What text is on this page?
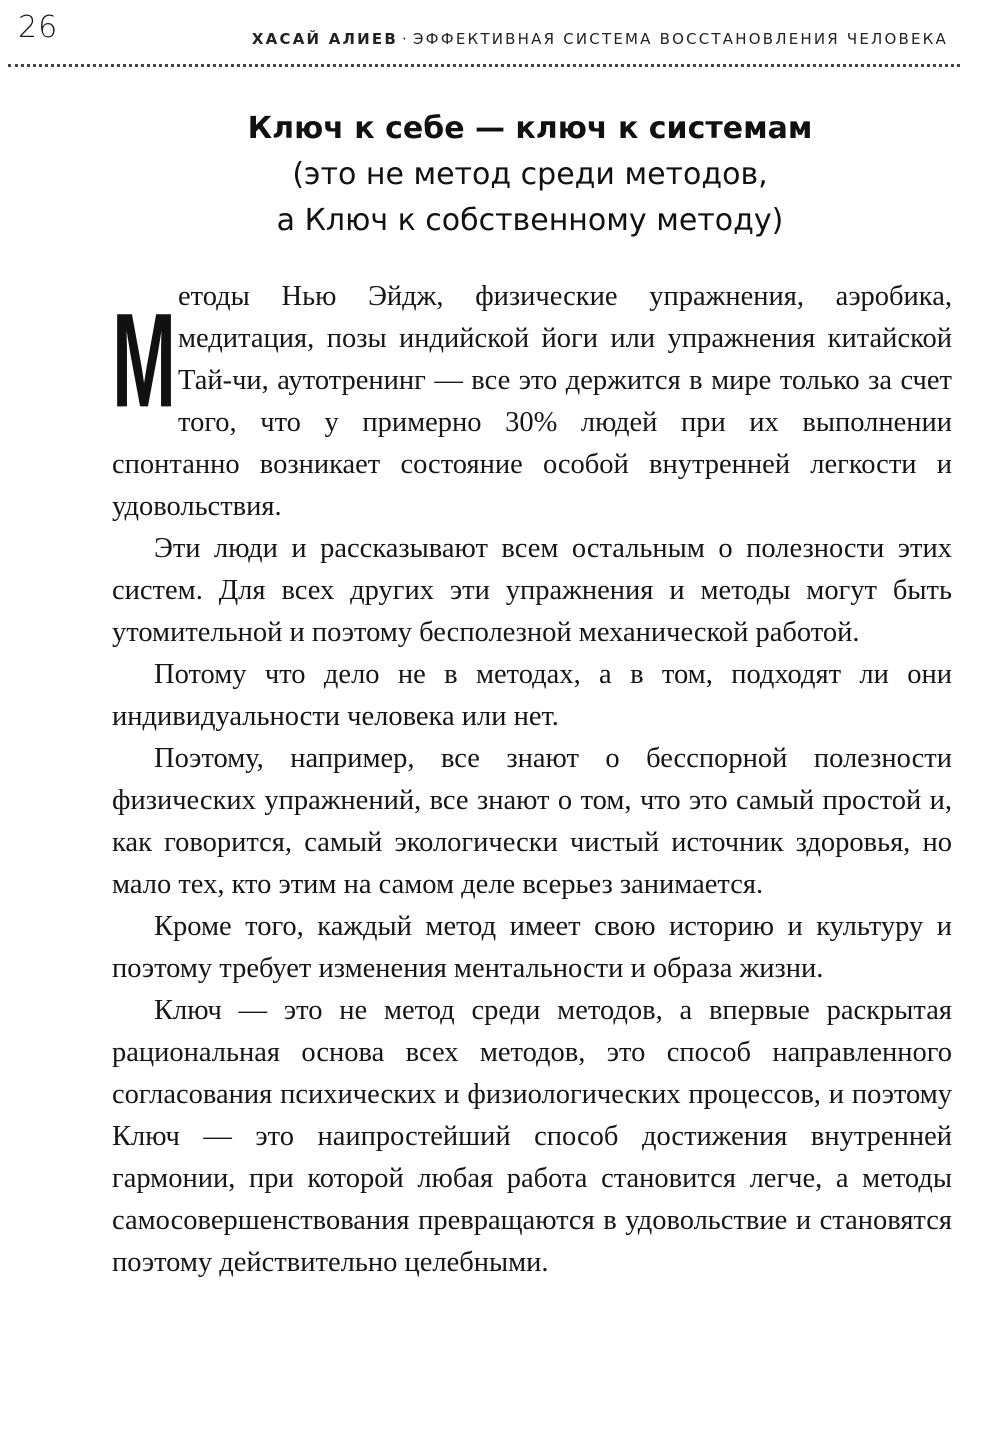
26	ХАСАЙ АЛИЕВ · ЭФФЕКТИВНАЯ СИСТЕМА ВОССТАНОВЛЕНИЯ ЧЕЛОВЕКА
Ключ к себе — ключ к системам
(это не метод среди методов,
а Ключ к собственному методу)

Методы Нью Эйдж, физические упражнения, аэробика, медитация, позы индийской йоги или упражнения китайской Тай-чи, аутотренинг — все это держится в мире только за счет того, что у примерно 30% людей при их выполнении спонтанно возникает состояние особой внутренней легкости и удовольствия.

Эти люди и рассказывают всем остальным о полезности этих систем. Для всех других эти упражнения и методы могут быть утомительной и поэтому бесполезной механической работой.

Потому что дело не в методах, а в том, подходят ли они индивидуальности человека или нет.

Поэтому, например, все знают о бесспорной полезности физических упражнений, все знают о том, что это самый простой и, как говорится, самый экологически чистый источник здоровья, но мало тех, кто этим на самом деле всерьез занимается.

Кроме того, каждый метод имеет свою историю и культуру и поэтому требует изменения ментальности и образа жизни.

Ключ — это не метод среди методов, а впервые раскрытая рациональная основа всех методов, это способ направленного согласования психических и физиологических процессов, и поэтому Ключ — это наипростейший способ достижения внутренней гармонии, при которой любая работа становится легче, а методы самосовершенствования превращаются в удовольствие и становятся поэтому действительно целебными.
